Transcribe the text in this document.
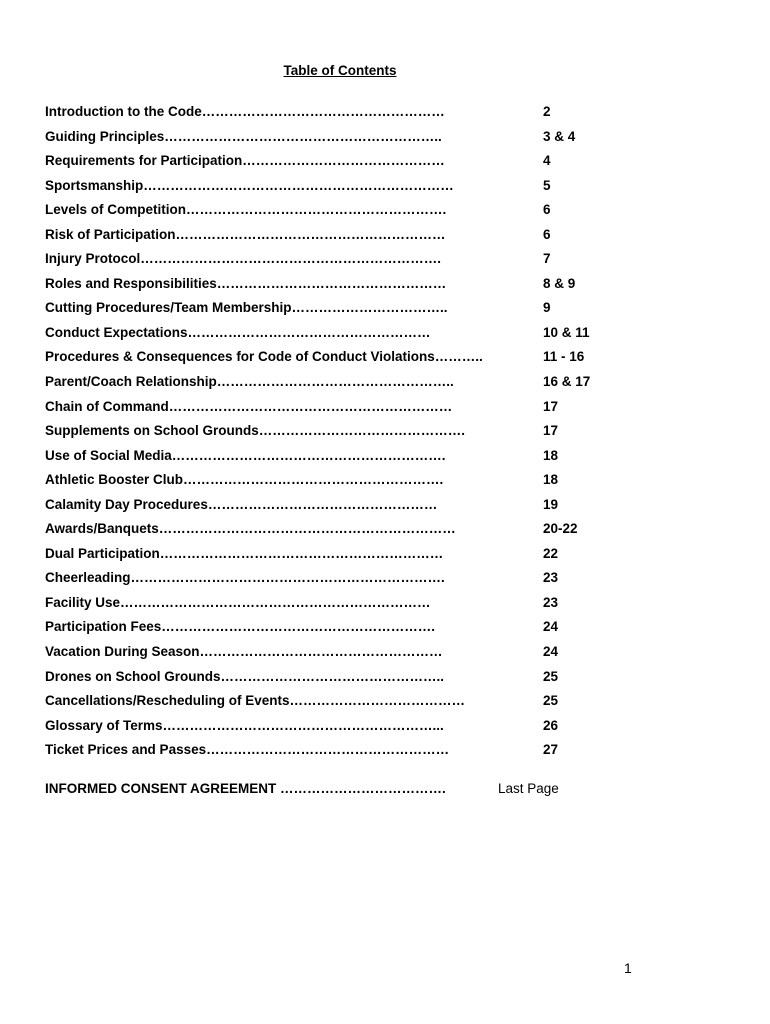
Table of Contents
Introduction to the Code………………………………………………	2
Guiding Principles……………………………………………………..	3 & 4
Requirements for Participation………………………………………	4
Sportsmanship……………………………………………………………	5
Levels of Competition………………………………………………….	6
Risk of Participation……………………………………………………	6
Injury Protocol………………………………………………………….	7
Roles and Responsibilities……………………………………………	8 & 9
Cutting Procedures/Team Membership……………………………..	9
Conduct Expectations………………………………………………	10 & 11
Procedures & Consequences for Code of Conduct Violations………..	11 - 16
Parent/Coach Relationship……………………………………………..	16 & 17
Chain of Command………………………………………………………	17
Supplements on School Grounds……………………………………….	17
Use of Social Media…………………………………………………….	18
Athletic Booster Club………………………………………………….	18
Calamity Day Procedures……………………………………………	19
Awards/Banquets…………………………………………………………	20-22
Dual Participation………………………………………………………	22
Cheerleading…………………………………………………………….	23
Facility Use……………………………………………………………	23
Participation Fees…………………………………………………….	24
Vacation During Season………………………………………………	24
Drones on School Grounds…………………………………………..	25
Cancellations/Rescheduling of Events…………………………………	25
Glossary of Terms……………………………………………………...	26
Ticket Prices and Passes………………………………………………	27
INFORMED CONSENT AGREEMENT ……………………………….	Last Page
1
